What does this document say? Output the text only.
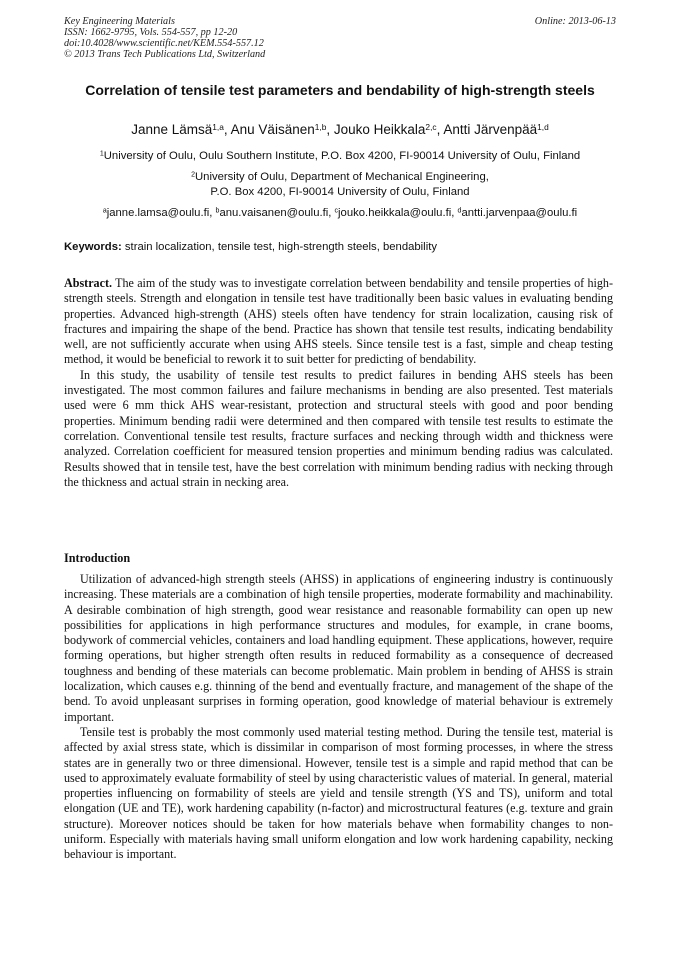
Key Engineering Materials
ISSN: 1662-9795, Vols. 554-557, pp 12-20
doi:10.4028/www.scientific.net/KEM.554-557.12
© 2013 Trans Tech Publications Ltd, Switzerland
Online: 2013-06-13
Correlation of tensile test parameters and bendability of high-strength steels
Janne Lämsä$^{1,a}$, Anu Väisänen$^{1,b}$, Jouko Heikkala$^{2,c}$, Antti Järvenpää$^{1,d}$
$^1$University of Oulu, Oulu Southern Institute, P.O. Box 4200, FI-90014 University of Oulu, Finland
$^2$University of Oulu, Department of Mechanical Engineering,
P.O. Box 4200, FI-90014 University of Oulu, Finland
$^a$janne.lamsa@oulu.fi, $^b$anu.vaisanen@oulu.fi, $^c$jouko.heikkala@oulu.fi, $^d$antti.jarvenpaa@oulu.fi
Keywords: strain localization, tensile test, high-strength steels, bendability

Abstract. The aim of the study was to investigate correlation between bendability and tensile properties of high-strength steels. Strength and elongation in tensile test have traditionally been basic values in evaluating bending properties. Advanced high-strength (AHS) steels often have tendency for strain localization, causing risk of fractures and impairing the shape of the bend. Practice has shown that tensile test results, indicating bendability well, are not sufficiently accurate when using AHS steels. Since tensile test is a fast, simple and cheap testing method, it would be beneficial to rework it to suit better for predicting of bendability.

In this study, the usability of tensile test results to predict failures in bending AHS steels has been investigated. The most common failures and failure mechanisms in bending are also presented. Test materials used were 6 mm thick AHS wear-resistant, protection and structural steels with good and poor bending properties. Minimum bending radii were determined and then compared with tensile test results to estimate the correlation. Conventional tensile test results, fracture surfaces and necking through width and thickness were analyzed. Correlation coefficient for measured tension properties and minimum bending radius was calculated. Results showed that in tensile test, have the best correlation with minimum bending radius with necking through the thickness and actual strain in necking area.

Introduction

Utilization of advanced-high strength steels (AHSS) in applications of engineering industry is continuously increasing. These materials are a combination of high tensile properties, moderate formability and machinability. A desirable combination of high strength, good wear resistance and reasonable formability can open up new possibilities for applications in high performance structures and modules, for example, in crane booms, bodywork of commercial vehicles, containers and load handling equipment. These applications, however, require forming operations, but higher strength often results in reduced formability as a consequence of decreased toughness and bending of these materials can become problematic. Main problem in bending of AHSS is strain localization, which causes e.g. thinning of the bend and eventually fracture, and management of the shape of the bend. To avoid unpleasant surprises in forming operation, good knowledge of material behaviour is extremely important.

Tensile test is probably the most commonly used material testing method. During the tensile test, material is affected by axial stress state, which is dissimilar in comparison of most forming processes, in where the stress states are in generally two or three dimensional. However, tensile test is a simple and rapid method that can be used to approximately evaluate formability of steel by using characteristic values of material. In general, material properties influencing on formability of steels are yield and tensile strength (YS and TS), uniform and total elongation (UE and TE), work hardening capability (n-factor) and microstructural features (e.g. texture and grain structure). Moreover notices should be taken for how materials behave when formability changes to non-uniform. Especially with materials having small uniform elongation and low work hardening capability, necking behaviour is important.
